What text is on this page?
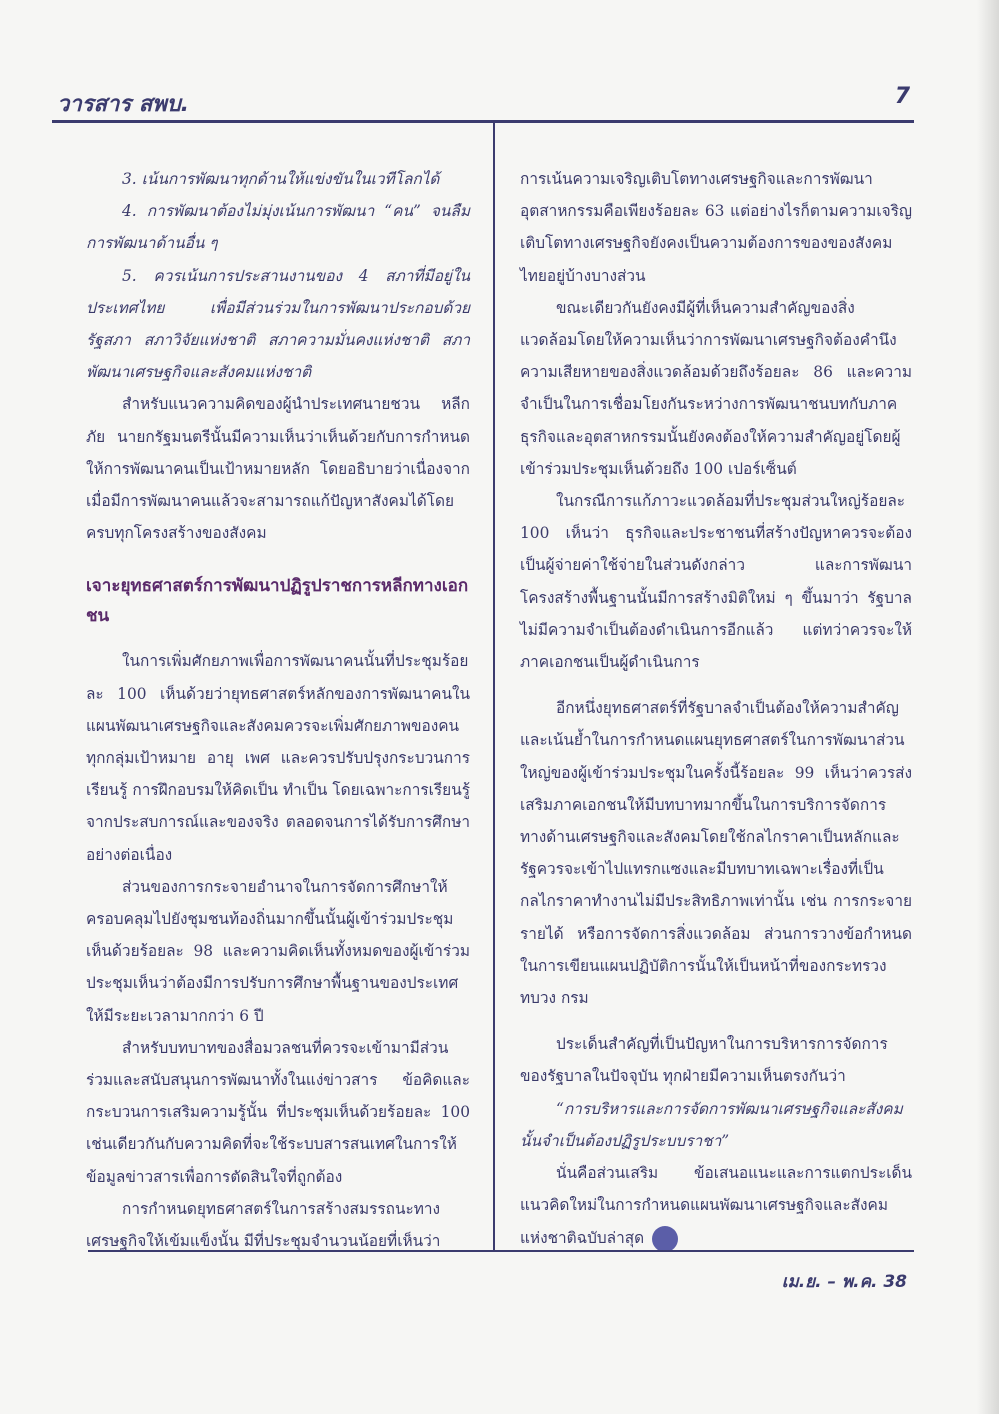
วารสาร สพบ.	7

3. เน้นการพัฒนาทุกด้านให้แข่งขันในเวทีโลกได้

4. การพัฒนาต้องไม่มุ่งเน้นการพัฒนา “คน” จนลืมการพัฒนาด้านอื่น ๆ

5. ควรเน้นการประสานงานของ 4 สภาที่มีอยู่ในประเทศไทย เพื่อมีส่วนร่วมในการพัฒนาประกอบด้วย รัฐสภา สภาวิจัยแห่งชาติ สภาความมั่นคงแห่งชาติ สภาพัฒนาเศรษฐกิจและสังคมแห่งชาติ

สำหรับแนวความคิดของผู้นำประเทศนายชวน หลีกภัย นายกรัฐมนตรีนั้นมีความเห็นว่าเห็นด้วยกับการกำหนดให้การพัฒนาคนเป็นเป้าหมายหลัก โดยอธิบายว่าเนื่องจากเมื่อมีการพัฒนาคนแล้วจะสามารถแก้ปัญหาสังคมได้โดยครบทุกโครงสร้างของสังคม

เจาะยุทธศาสตร์การพัฒนาปฏิรูปราชการหลีกทางเอกชน

ในการเพิ่มศักยภาพเพื่อการพัฒนาคนนั้นที่ประชุมร้อยละ 100 เห็นด้วยว่ายุทธศาสตร์หลักของการพัฒนาคนในแผนพัฒนาเศรษฐกิจและสังคมควรจะเพิ่มศักยภาพของคนทุกกลุ่มเป้าหมาย อายุ เพศ และควรปรับปรุงกระบวนการเรียนรู้ การฝึกอบรมให้คิดเป็น ทำเป็น โดยเฉพาะการเรียนรู้จากประสบการณ์และของจริง ตลอดจนการได้รับการศึกษาอย่างต่อเนื่อง

ส่วนของการกระจายอำนาจในการจัดการศึกษาให้ครอบคลุมไปยังชุมชนท้องถิ่นมากขึ้นนั้นผู้เข้าร่วมประชุมเห็นด้วยร้อยละ 98 และความคิดเห็นทั้งหมดของผู้เข้าร่วมประชุมเห็นว่าต้องมีการปรับการศึกษาพื้นฐานของประเทศให้มีระยะเวลามากกว่า 6 ปี

สำหรับบทบาทของสื่อมวลชนที่ควรจะเข้ามามีส่วนร่วมและสนับสนุนการพัฒนาทั้งในแง่ข่าวสาร ข้อคิดและกระบวนการเสริมความรู้นั้น ที่ประชุมเห็นด้วยร้อยละ 100 เช่นเดียวกันกับความคิดที่จะใช้ระบบสารสนเทศในการให้ข้อมูลข่าวสารเพื่อการตัดสินใจที่ถูกต้อง

การกำหนดยุทธศาสตร์ในการสร้างสมรรถนะทางเศรษฐกิจให้เข้มแข็งนั้น มีที่ประชุมจำนวนน้อยที่เห็นว่า

การเน้นความเจริญเติบโตทางเศรษฐกิจและการพัฒนาอุตสาหกรรมคือเพียงร้อยละ 63 แต่อย่างไรก็ตามความเจริญเติบโตทางเศรษฐกิจยังคงเป็นความต้องการของของสังคมไทยอยู่บ้างบางส่วน

ขณะเดียวกันยังคงมีผู้ที่เห็นความสำคัญของสิ่งแวดล้อมโดยให้ความเห็นว่าการพัฒนาเศรษฐกิจต้องคำนึงความเสียหายของสิ่งแวดล้อมด้วยถึงร้อยละ 86 และความจำเป็นในการเชื่อมโยงกันระหว่างการพัฒนาชนบทกับภาคธุรกิจและอุตสาหกรรมนั้นยังคงต้องให้ความสำคัญอยู่โดยผู้เข้าร่วมประชุมเห็นด้วยถึง 100 เปอร์เซ็นต์

ในกรณีการแก้ภาวะแวดล้อมที่ประชุมส่วนใหญ่ร้อยละ 100 เห็นว่า ธุรกิจและประชาชนที่สร้างปัญหาควรจะต้องเป็นผู้จ่ายค่าใช้จ่ายในส่วนดังกล่าว และการพัฒนาโครงสร้างพื้นฐานนั้นมีการสร้างมิติใหม่ ๆ ขึ้นมาว่า รัฐบาลไม่มีความจำเป็นต้องดำเนินการอีกแล้ว แต่ทว่าควรจะให้ภาคเอกชนเป็นผู้ดำเนินการ

อีกหนึ่งยุทธศาสตร์ที่รัฐบาลจำเป็นต้องให้ความสำคัญและเน้นย้ำในการกำหนดแผนยุทธศาสตร์ในการพัฒนาส่วนใหญ่ของผู้เข้าร่วมประชุมในครั้งนี้ร้อยละ 99 เห็นว่าควรส่งเสริมภาคเอกชนให้มีบทบาทมากขึ้นในการบริการจัดการทางด้านเศรษฐกิจและสังคมโดยใช้กลไกราคาเป็นหลักและรัฐควรจะเข้าไปแทรกแซงและมีบทบาทเฉพาะเรื่องที่เป็นกลไกราคาทำงานไม่มีประสิทธิภาพเท่านั้น เช่น การกระจายรายได้ หรือการจัดการสิ่งแวดล้อม ส่วนการวางข้อกำหนดในการเขียนแผนปฏิบัติการนั้นให้เป็นหน้าที่ของกระทรวง ทบวง กรม

ประเด็นสำคัญที่เป็นปัญหาในการบริหารการจัดการของรัฐบาลในปัจจุบัน ทุกฝ่ายมีความเห็นตรงกันว่า

“การบริหารและการจัดการพัฒนาเศรษฐกิจและสังคมนั้นจำเป็นต้องปฏิรูประบบราชา”

นั่นคือส่วนเสริม ข้อเสนอแนะและการแตกประเด็นแนวคิดใหม่ในการกำหนดแผนพัฒนาเศรษฐกิจและสังคมแห่งชาติฉบับล่าสุด

เม.ย. – พ.ค. 38
